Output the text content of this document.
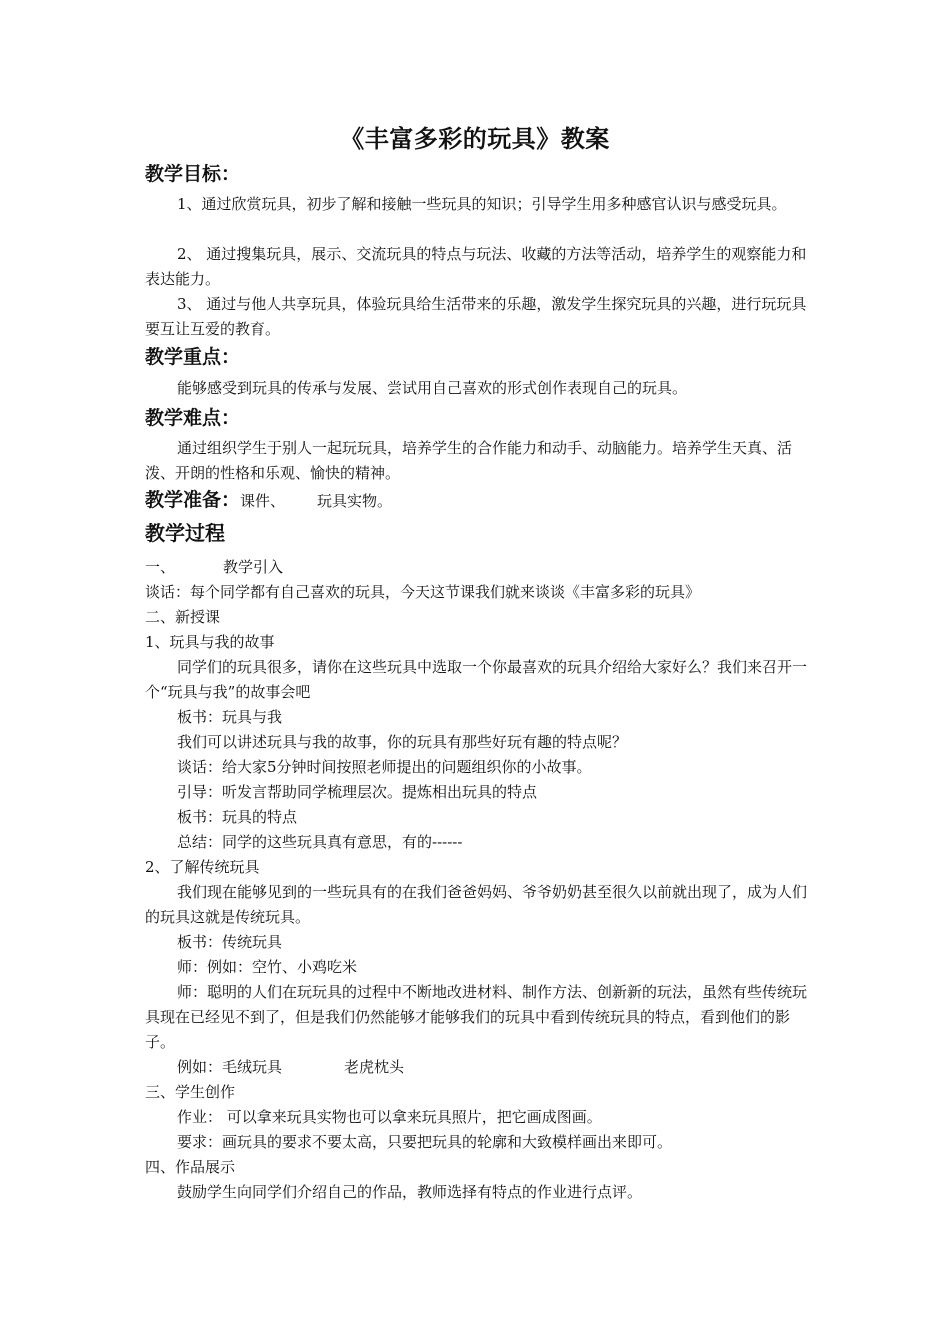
《丰富多彩的玩具》教案
教学目标：
1、通过欣赏玩具，初步了解和接触一些玩具的知识；引导学生用多种感官认识与感受玩具。
2、 通过搜集玩具，展示、交流玩具的特点与玩法、收藏的方法等活动，培养学生的观察能力和表达能力。
3、 通过与他人共享玩具，体验玩具给生活带来的乐趣，激发学生探究玩具的兴趣，进行玩玩具要互让互爱的教育。
教学重点：
能够感受到玩具的传承与发展、尝试用自己喜欢的形式创作表现自己的玩具。
教学难点：
通过组织学生于别人一起玩玩具，培养学生的合作能力和动手、动脑能力。培养学生天真、活泼、开朗的性格和乐观、愉快的精神。
教学准备：课件、 玩具实物。
教学过程
一、	教学引入
谈话：每个同学都有自己喜欢的玩具，今天这节课我们就来谈谈《丰富多彩的玩具》
二、新授课
1、玩具与我的故事
同学们的玩具很多，请你在这些玩具中选取一个你最喜欢的玩具介绍给大家好么？我们来召开一个“玩具与我”的故事会吧
板书：玩具与我
我们可以讲述玩具与我的故事，你的玩具有那些好玩有趣的特点呢？
谈话：给大家5分钟时间按照老师提出的问题组织你的小故事。
引导：听发言帮助同学梳理层次。提炼相出玩具的特点
板书：玩具的特点
总结：同学的这些玩具真有意思，有的------
2、了解传统玩具
我们现在能够见到的一些玩具有的在我们爸爸妈妈、爷爷奶奶甚至很久以前就出现了，成为人们的玩具这就是传统玩具。
板书：传统玩具
师：例如：空竹、小鸡吃米
师：聪明的人们在玩玩具的过程中不断地改进材料、制作方法、创新新的玩法，虽然有些传统玩具现在已经见不到了，但是我们仍然能够才能够我们的玩具中看到传统玩具的特点，看到他们的影子。
例如：毛绒玩具	老虎枕头
三、学生创作
作业： 可以拿来玩具实物也可以拿来玩具照片，把它画成图画。
要求：画玩具的要求不要太高，只要把玩具的轮廓和大致模样画出来即可。
四、作品展示
鼓励学生向同学们介绍自己的作品，教师选择有特点的作业进行点评。
